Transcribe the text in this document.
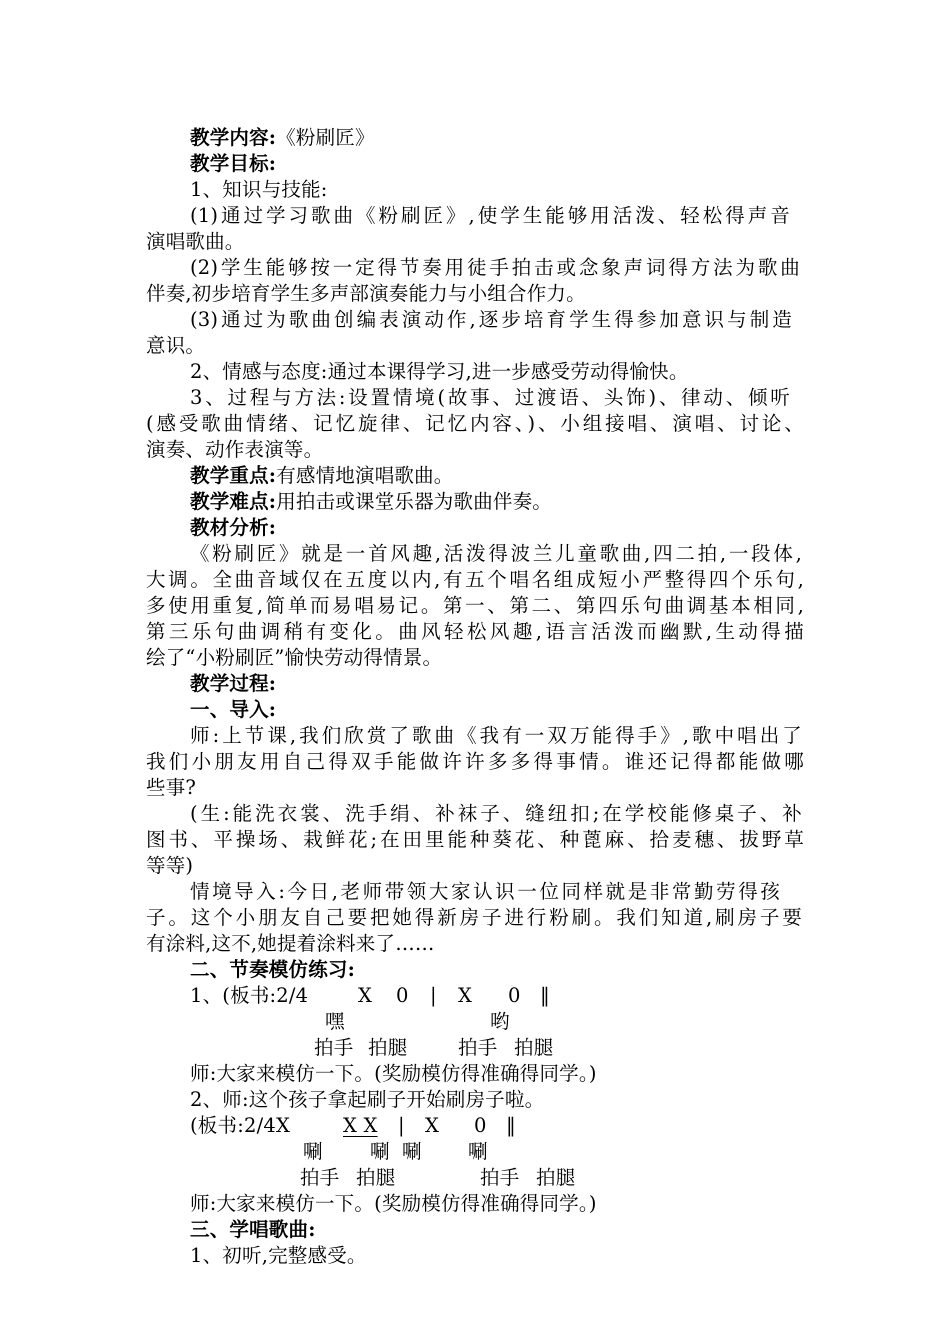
教学内容:《粉刷匠》
教学目标:
1、知识与技能:
(1)通过学习歌曲《粉刷匠》,使学生能够用活泼、轻松得声音
演唱歌曲。
(2)学生能够按一定得节奏用徒手拍击或念象声词得方法为歌曲
伴奏,初步培育学生多声部演奏能力与小组合作力。
(3)通过为歌曲创编表演动作,逐步培育学生得参加意识与制造
意识。
2、情感与态度:通过本课得学习,进一步感受劳动得愉快。
3、过程与方法:设置情境(故事、过渡语、头饰)、律动、倾听
(感受歌曲情绪、记忆旋律、记忆内容、)、小组接唱、演唱、讨论、
演奏、动作表演等。
教学重点:有感情地演唱歌曲。
教学难点:用拍击或课堂乐器为歌曲伴奏。
教材分析:
《粉刷匠》就是一首风趣,活泼得波兰儿童歌曲,四二拍,一段体,
大调。全曲音域仅在五度以内,有五个唱名组成短小严整得四个乐句,
多使用重复,简单而易唱易记。第一、第二、第四乐句曲调基本相同,
第三乐句曲调稍有变化。曲风轻松风趣,语言活泼而幽默,生动得描
绘了“小粉刷匠”愉快劳动得情景。
教学过程:
一、导入:
师:上节课,我们欣赏了歌曲《我有一双万能得手》,歌中唱出了
我们小朋友用自己得双手能做许许多多得事情。谁还记得都能做哪
些事?
(生:能洗衣裳、洗手绢、补袜子、缝纽扣;在学校能修桌子、补
图书、平操场、栽鲜花;在田里能种葵花、种蓖麻、拾麦穗、拔野草
等等)
情境导入:今日,老师带领大家认识一位同样就是非常勤劳得孩
子。这个小朋友自己要把她得新房子进行粉刷。我们知道,刷房子要
有涂料,这不,她提着涂料来了……
二、节奏模仿练习:
1、(板书:2/4	X 0 | X 0 ‖
嘿	哟
拍手 拍腿	拍手 拍腿
师:大家来模仿一下。(奖励模仿得准确得同学。)
2、师:这个孩子拿起刷子开始刷房子啦。
(板书:2/4X	X X | X 0 ‖
唰 唰 唰 唰
拍手 拍腿	拍手 拍腿
师:大家来模仿一下。(奖励模仿得准确得同学。)
三、学唱歌曲:
1、初听,完整感受。
